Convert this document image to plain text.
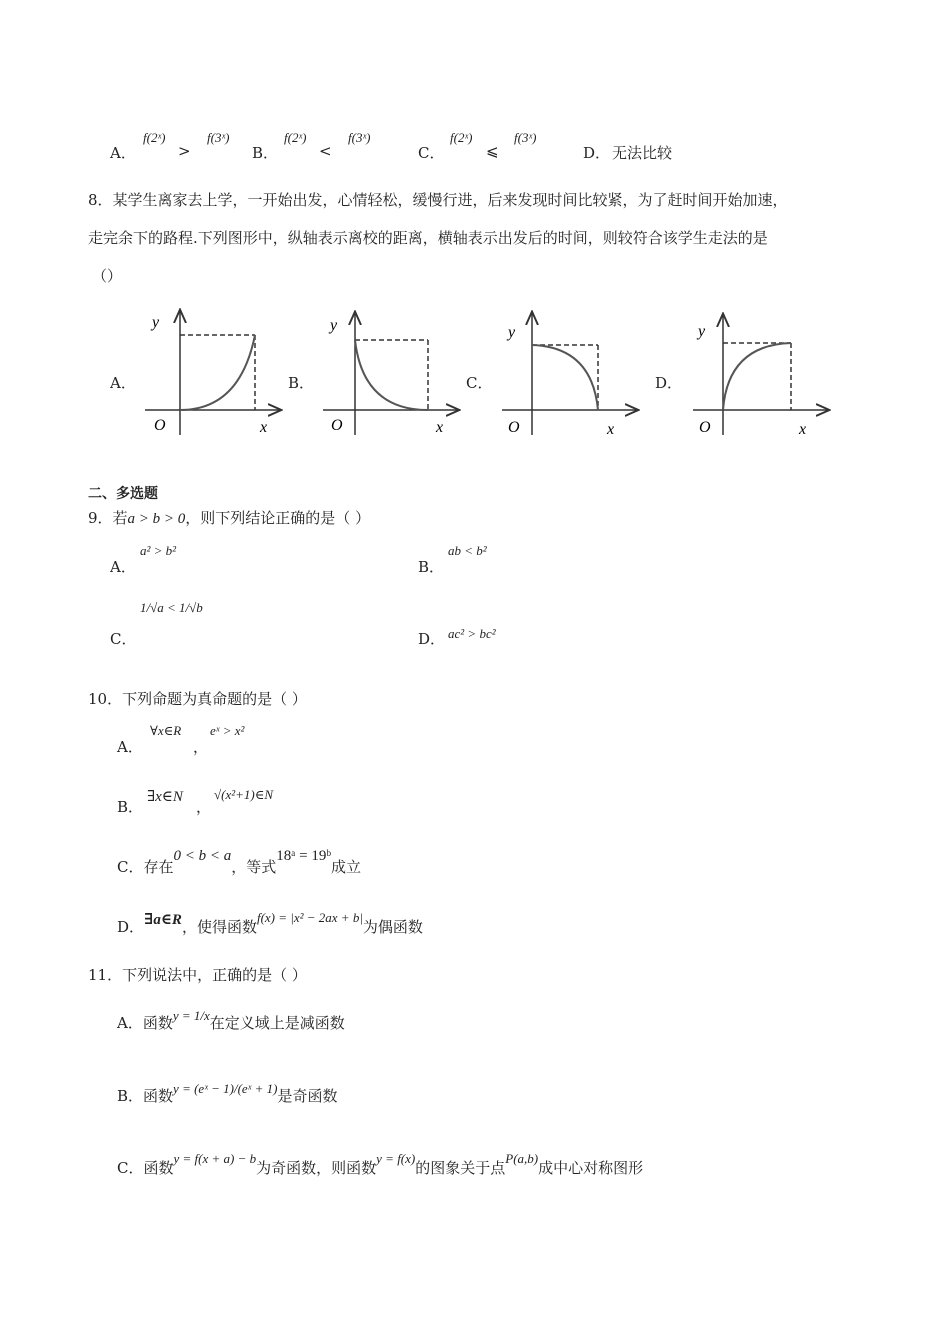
A．
f(2ˣ)
>
f(3ˣ)
B．
f(2ˣ)
<
f(3ˣ)
C．
f(2ˣ)
⩽
f(3ˣ)
D． 无法比较
8．某学生离家去上学，一开始出发，心情轻松，缓慢行进，后来发现时间比较紧，为了赶时间开始加速，
走完余下的路程.下列图形中，纵轴表示离校的距离，横轴表示出发后的时间，则较符合该学生走法的是
（）
A．	B．	C．	D．
y
x
O
y
x
O
y
x
O
y
x
O
二、多选题
9．若a > b > 0，则下列结论正确的是（ ）
A．
a² > b²
B．
ab < b²
C．
1/√a < 1/√b
D． ac² > bc²
10．下列命题为真命题的是（ ）
A．
∀x∈R
，
eˣ > x²
B．
∃x∈N
，
√(x²+1)∈N
C．存在0 < b < a，等式18ᵃ = 19ᵇ成立
D．∃a∈R，使得函数f(x) = |x² − 2ax + b|为偶函数
11．下列说法中，正确的是（ ）
A．函数y = 1/x在定义域上是减函数
B．函数y = (eˣ − 1)/(eˣ + 1)是奇函数
C．函数y = f(x + a) − b为奇函数，则函数y = f(x)的图象关于点P(a,b)成中心对称图形
